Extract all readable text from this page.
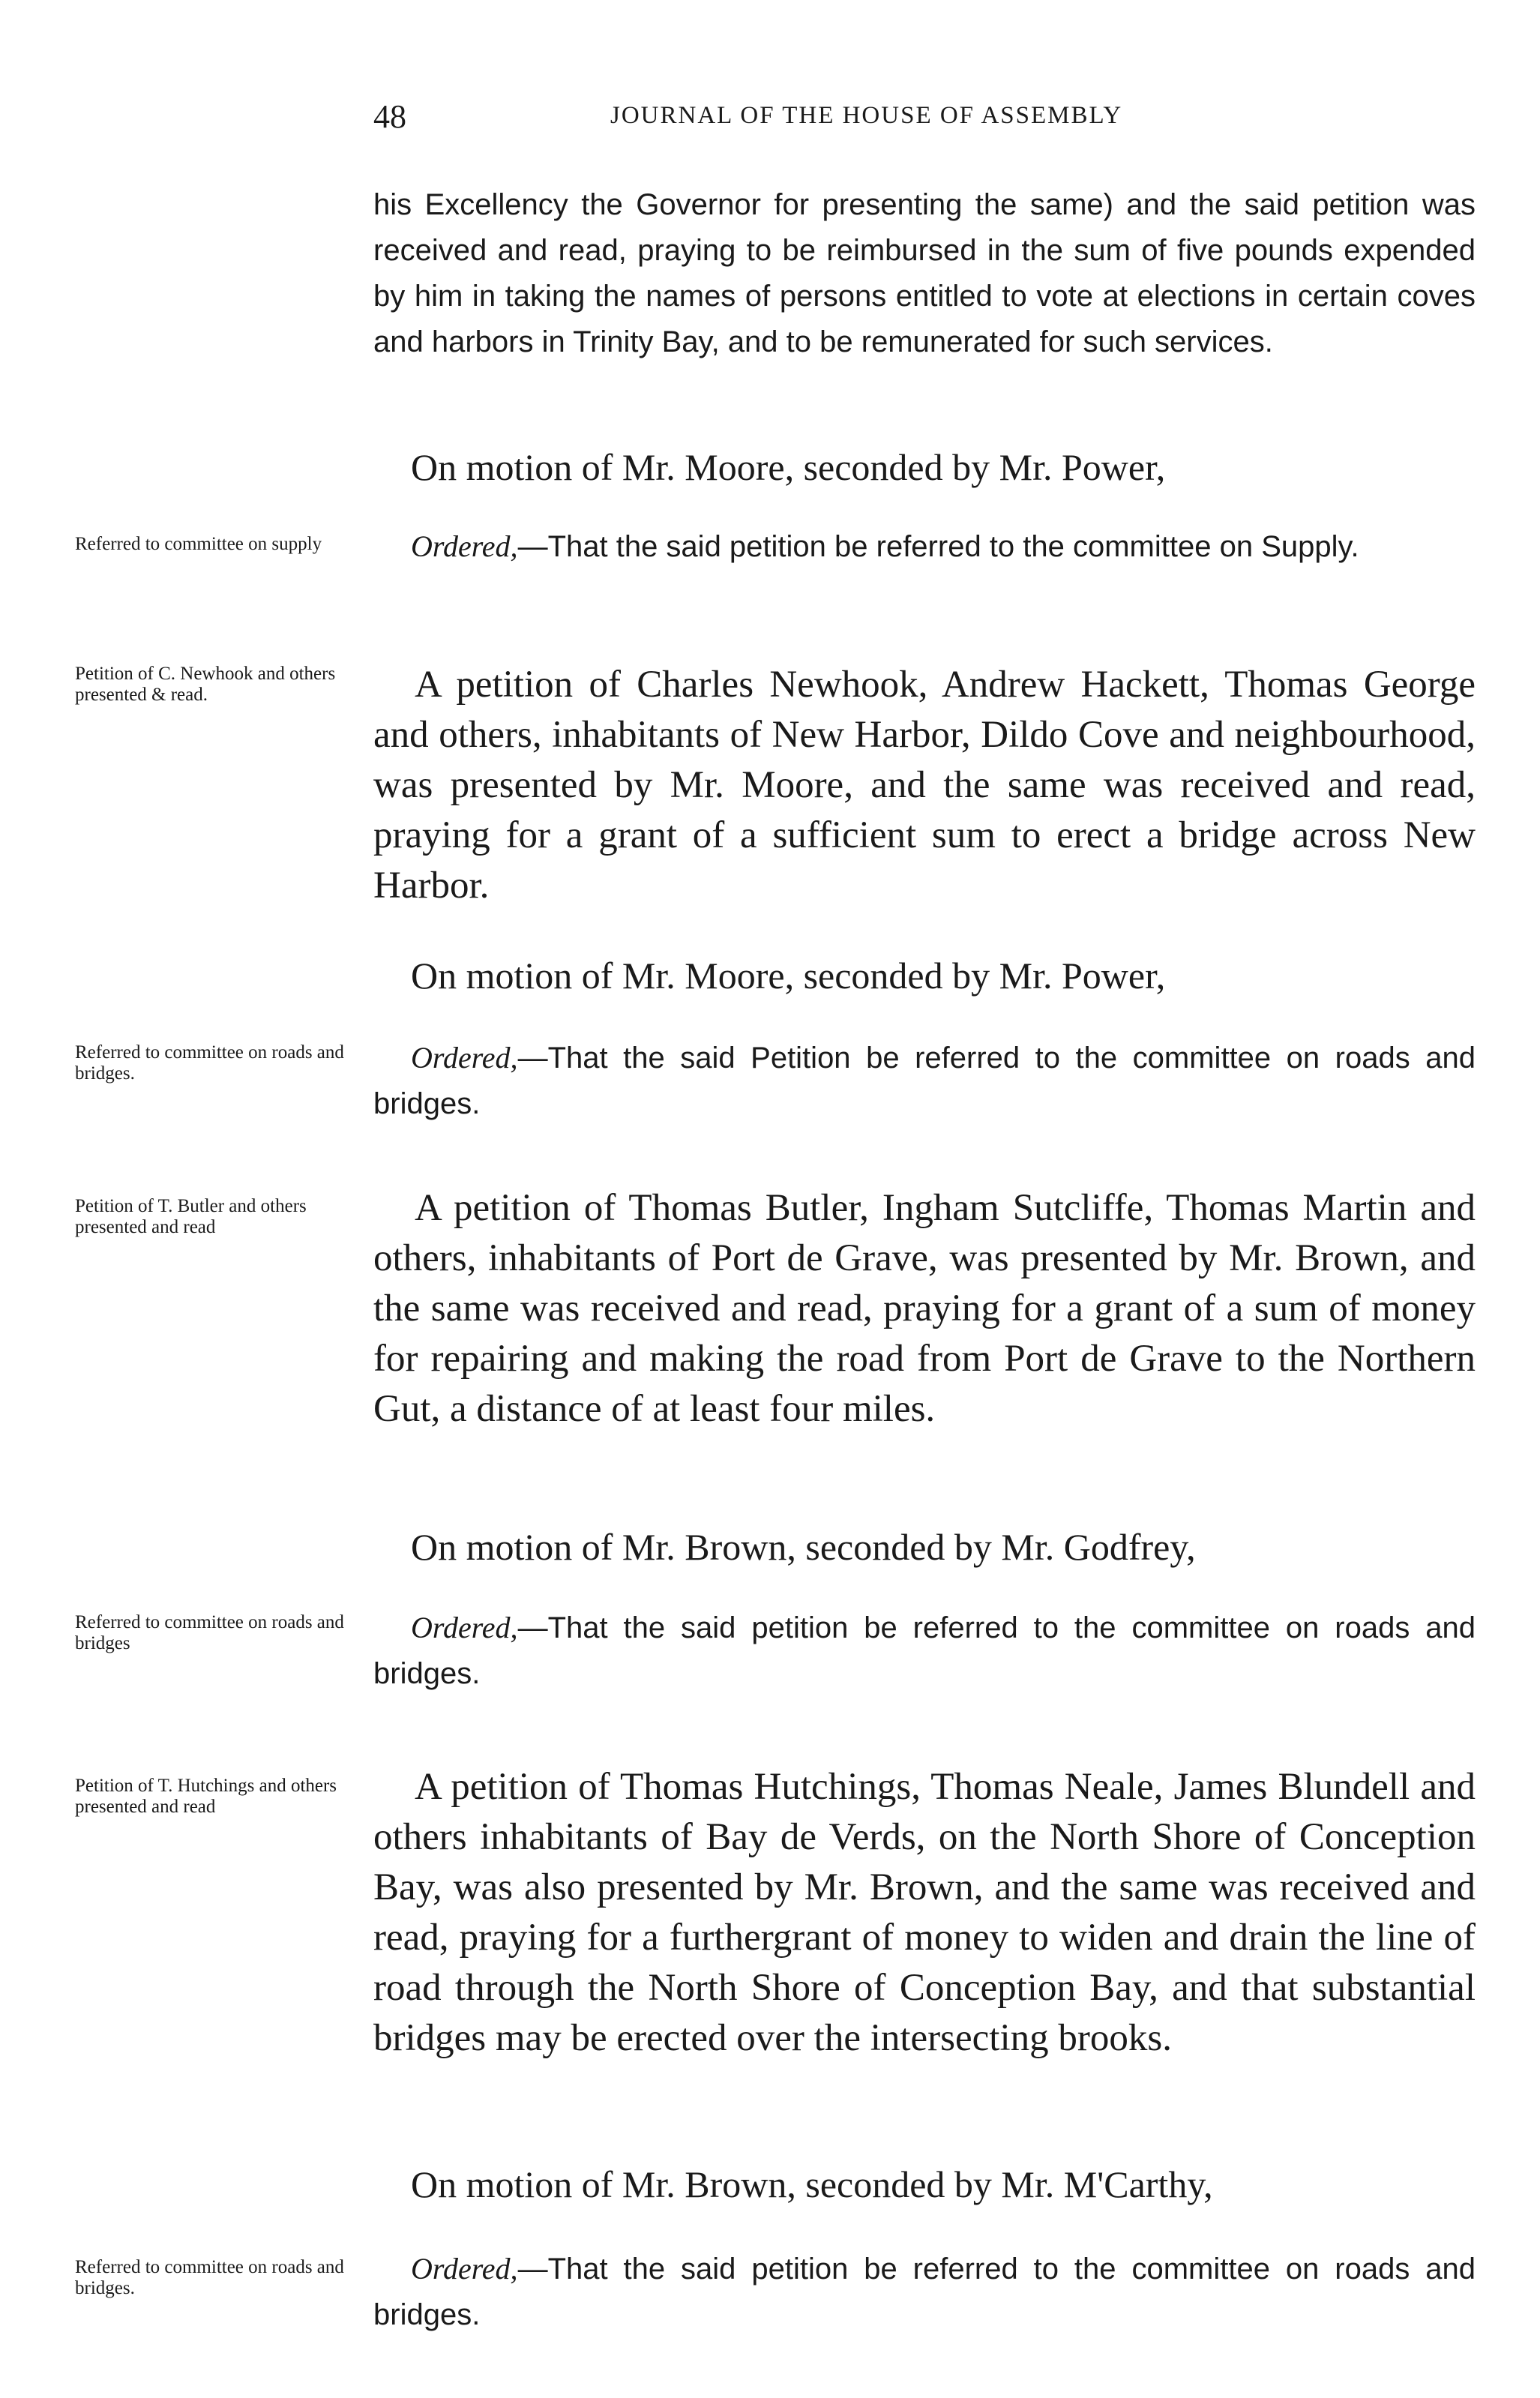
48	JOURNAL OF THE HOUSE OF ASSEMBLY

his Excellency the Governor for presenting the same) and the said petition was received and read, praying to be reimbursed in the sum of five pounds expended by him in taking the names of persons entitled to vote at elections in certain coves and harbors in Trinity Bay, and to be remunerated for such services.

On motion of Mr. Moore, seconded by Mr. Power,

Referred to committee on supply	Ordered,—That the said petition be referred to the committee on Supply.

Petition of C. Newhook and others presented & read.	A petition of Charles Newhook, Andrew Hackett, Thomas George and others, inhabitants of New Harbor, Dildo Cove and neighbourhood, was presented by Mr. Moore, and the same was received and read, praying for a grant of a sufficient sum to erect a bridge across New Harbor.

On motion of Mr. Moore, seconded by Mr. Power,

Referred to committee on roads and bridges.	Ordered,—That the said Petition be referred to the committee on roads and bridges.

Petition of T. Butler and others presented and read	A petition of Thomas Butler, Ingham Sutcliffe, Thomas Martin and others, inhabitants of Port de Grave, was presented by Mr. Brown, and the same was received and read, praying for a grant of a sum of money for repairing and making the road from Port de Grave to the Northern Gut, a distance of at least four miles.

On motion of Mr. Brown, seconded by Mr. Godfrey,

Referred to committee on roads and bridges	Ordered,—That the said petition be referred to the committee on roads and bridges.

Petition of T. Hutchings and others presented and read	A petition of Thomas Hutchings, Thomas Neale, James Blundell and others inhabitants of Bay de Verds, on the North Shore of Conception Bay, was also presented by Mr. Brown, and the same was received and read, praying for a furthergrant of money to widen and drain the line of road through the North Shore of Conception Bay, and that substantial bridges may be erected over the intersecting brooks.

On motion of Mr. Brown, seconded by Mr. M'Carthy,

Referred to committee on roads and bridges.

Ordered,—That the said petition be referred to the committee on roads and bridges.
